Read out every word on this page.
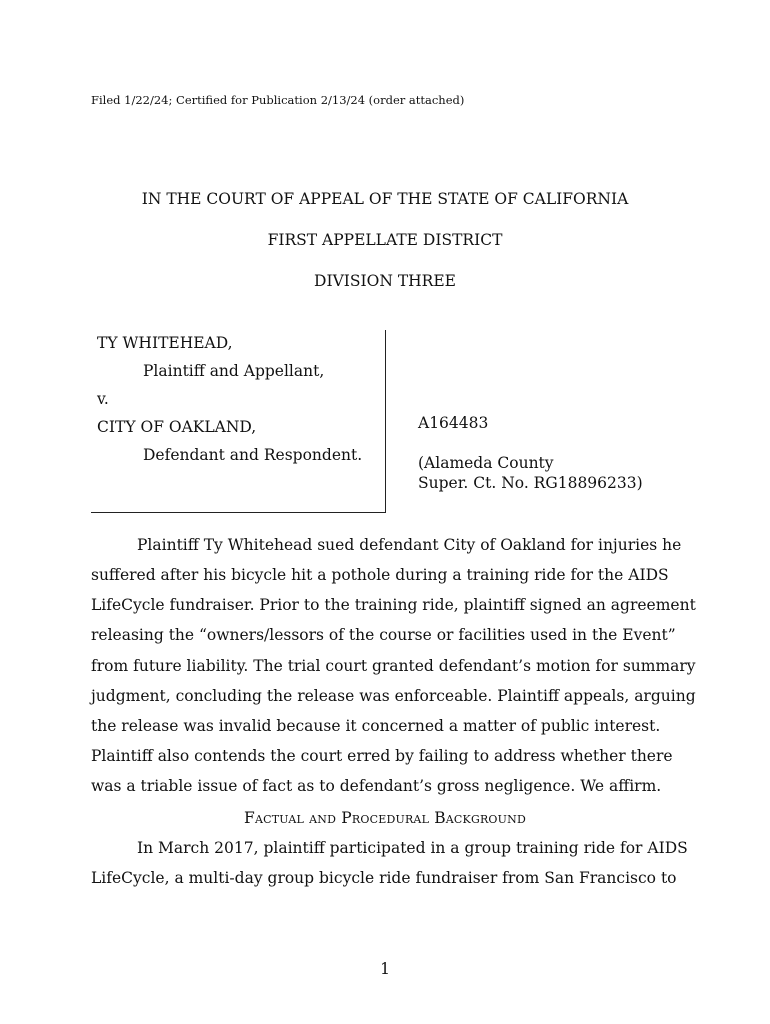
Filed 1/22/24; Certified for Publication 2/13/24 (order attached)
IN THE COURT OF APPEAL OF THE STATE OF CALIFORNIA
FIRST APPELLATE DISTRICT
DIVISION THREE
TY WHITEHEAD,
Plaintiff and Appellant,
v.
CITY OF OAKLAND,
Defendant and Respondent.
A164483
(Alameda County
Super. Ct. No. RG18896233)
Plaintiff Ty Whitehead sued defendant City of Oakland for injuries he
suffered after his bicycle hit a pothole during a training ride for the AIDS
LifeCycle fundraiser. Prior to the training ride, plaintiff signed an agreement
releasing the “owners/lessors of the course or facilities used in the Event”
from future liability. The trial court granted defendant’s motion for summary
judgment, concluding the release was enforceable. Plaintiff appeals, arguing
the release was invalid because it concerned a matter of public interest.
Plaintiff also contends the court erred by failing to address whether there
was a triable issue of fact as to defendant’s gross negligence. We affirm.
Factual and Procedural Background
In March 2017, plaintiff participated in a group training ride for AIDS
LifeCycle, a multi-day group bicycle ride fundraiser from San Francisco to
1
